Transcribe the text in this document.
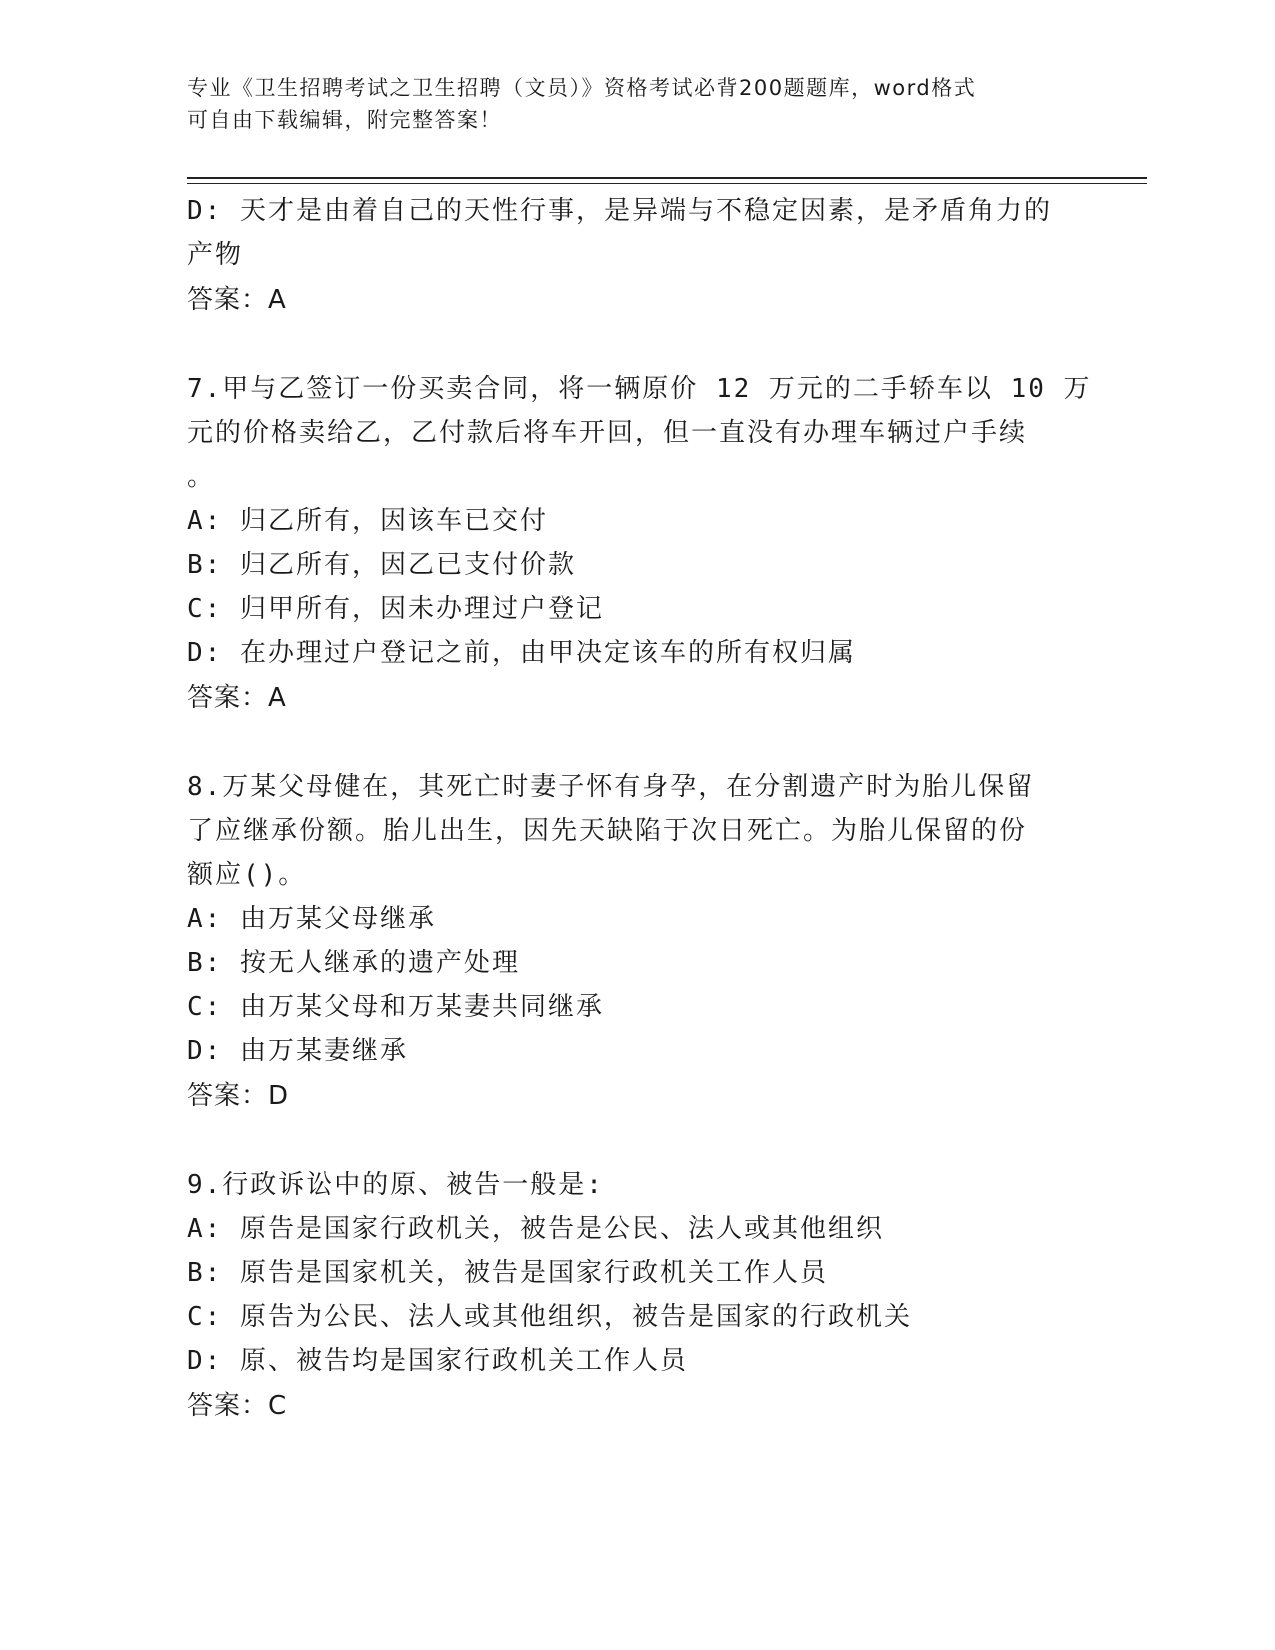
专业《卫生招聘考试之卫生招聘（文员）》资格考试必背200题题库，word格式
可自由下载编辑，附完整答案！
D: 天才是由着自己的天性行事，是异端与不稳定因素，是矛盾角力的
产物
答案：A
7.甲与乙签订一份买卖合同，将一辆原价 12 万元的二手轿车以 10 万
元的价格卖给乙，乙付款后将车开回，但一直没有办理车辆过户手续
。
A: 归乙所有，因该车已交付
B: 归乙所有，因乙已支付价款
C: 归甲所有，因未办理过户登记
D: 在办理过户登记之前，由甲决定该车的所有权归属
答案：A
8.万某父母健在，其死亡时妻子怀有身孕，在分割遗产时为胎儿保留
了应继承份额。胎儿出生，因先天缺陷于次日死亡。为胎儿保留的份
额应()。
A: 由万某父母继承
B: 按无人继承的遗产处理
C: 由万某父母和万某妻共同继承
D: 由万某妻继承
答案：D
9.行政诉讼中的原、被告一般是:
A: 原告是国家行政机关，被告是公民、法人或其他组织
B: 原告是国家机关，被告是国家行政机关工作人员
C: 原告为公民、法人或其他组织，被告是国家的行政机关
D: 原、被告均是国家行政机关工作人员
答案：C
